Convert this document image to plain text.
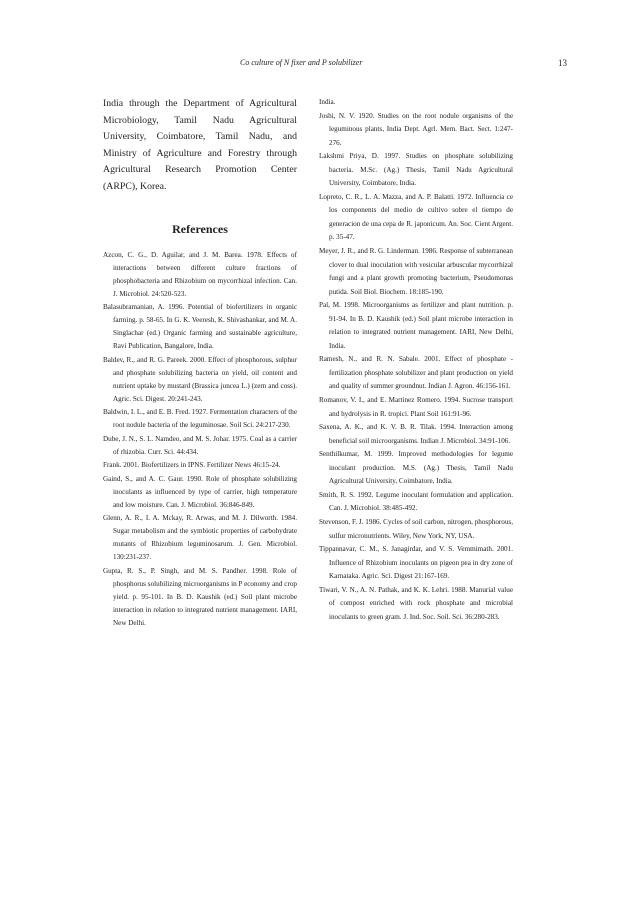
Co culture of N fixer and P solubilizer	13

India through the Department of Agricultural Microbiology, Tamil Nadu Agricultural University, Coimbatore, Tamil Nadu, and Ministry of Agriculture and Forestry through Agricultural Research Promotion Center (ARPC), Korea.

References

Azcon, C. G., D. Aguilar, and J. M. Barea. 1978. Effects of interactions between different culture fractions of phosphobacteria and Rhizobium on mycorrhizal infection. Can. J. Microbiol. 24:520-523.

Balasubramanian, A. 1996. Potential of biofertilizers in organic farming. p. 58-65. In G. K. Veeresh, K. Shivashankar, and M. A. Singlachar (ed.) Organic farming and sustainable agriculture, Ravi Publication, Bangalore, India.

Baldev, R., and R. G. Pareek. 2000. Effect of phosphorous, sulphur and phosphate solubilizing bacteria on yield, oil content and nutrient uptake by mustard (Brassica juncea L.) (zern and coss). Agric. Sci. Digest. 20:241-243.

Baldwin, I. L., and E. B. Fred. 1927. Fermentation characters of the root nodule bacteria of the leguminosae. Soil Sci. 24:217-230.

Dube, J. N., S. L. Namdeo, and M. S. Johar. 1975. Coal as a carrier of rhizobia. Curr. Sci. 44:434.

Frank. 2001. Biofertilizers in IPNS. Fertilizer News 46:15-24.

Gaind, S., and A. C. Gaur. 1990. Role of phosphate solubilizing inoculants as influenced by type of carrier, high temperature and low moisture. Can. J. Microbiol. 36:846-849.

Glenn, A. R., I. A. Mckay, R. Arwas, and M. J. Dilworth. 1984. Sugar metabolism and the symbiotic properties of carbohydrate mutants of Rhizobium leguminosarum. J. Gen. Microbiol. 130:231-237.

Gupta, R. S., P. Singh, and M. S. Pandher. 1998. Role of phosphorus solubilizing microorganisms in P economy and crop yield. p. 95-101. In B. D. Kaushik (ed.) Soil plant microbe interaction in relation to integrated nutrient management. IARI, New Delhi.

India.

Joshi, N. V. 1920. Studies on the root nodule organisms of the leguminous plants, India Dept. Agrl. Mem. Bact. Sect. 1:247-276.

Lakshmi Priya, D. 1997. Studies on phosphate solubilizing bacteria. M.Sc. (Ag.) Thesis, Tamil Nadu Agricultural University, Coimbatore, India.

Lopreto, C. R., L. A. Mazza, and A. P. Balatti. 1972. Influencia ce los components del medio de cultivo sobre el tiempo de generacion de una cepa de R. japonicum. An. Soc. Cient Argent. p. 35-47.

Meyer, J. R., and R. G. Linderman. 1986. Response of subterranean clover to dual inoculation with vesicular arbuscular mycorrhizal fungi and a plant growth promoting bacterium, Pseudomonas putida. Soil Biol. Biochem. 18:185-190.

Pal, M. 1998. Microorganisms as fertilizer and plant nutrition. p. 91-94. In B. D. Kaushik (ed.) Soil plant microbe interaction in relation to integrated nutrient management. IARI, New Delhi, India.

Ramesh, N., and R. N. Sabale. 2001. Effect of phosphate - fertilization phosphate solubilizer and plant production on yield and quality of summer groundnut. Indian J. Agron. 46:156-161.

Romanov, V. I., and E. Martinez Romero. 1994. Sucrose transport and hydrolysis in R. tropici. Plant Soil 161:91-96.

Saxena, A. K., and K. V. B. R. Tilak. 1994. Interaction among beneficial soil microorganisms. Indian J. Microbiol. 34:91-106.

Senthilkumar, M. 1999. Improved methodologies for legume inoculant production. M.S. (Ag.) Thesis, Tamil Nadu Agricultural University, Coimbatore, India.

Smith, R. S. 1992. Legume inoculant formulation and application. Can. J. Microbiol. 38:485-492.

Stevenson, F. J. 1986. Cycles of soil carbon, nitrogen, phosphorous, sulfur micronutrients. Wiley, New York, NY, USA.

Tippannavar, C. M., S. Janagirdar, and V. S. Vemmimath. 2001. Influence of Rhizobium inoculants on pigeon pea in dry zone of Karnataka. Agric. Sci. Digest 21:167-169.

Tiwari, V. N., A. N. Pathak, and K. K. Lehri. 1988. Manurial value of compost enriched with rock phosphate and microbial inoculants to green gram. J. Ind. Soc. Soil. Sci. 36:280-283.
